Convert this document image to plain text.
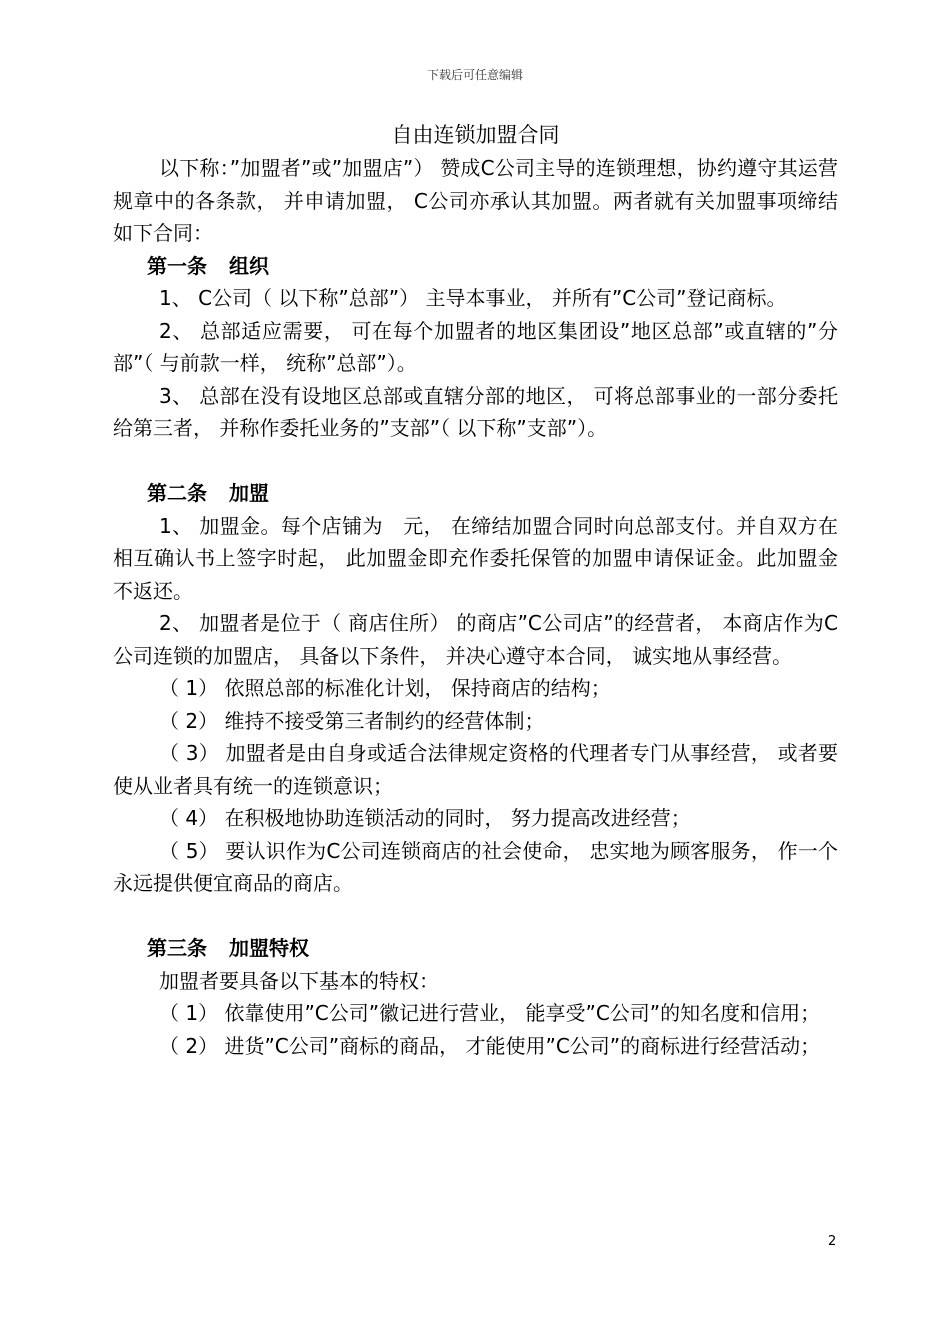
下载后可任意编辑
自由连锁加盟合同

以下称：”加盟者”或”加盟店”） 赞成C公司主导的连锁理想，协约遵守其运营规章中的各条款， 并申请加盟， C公司亦承认其加盟。两者就有关加盟事项缔结如下合同：

第一条 组织

1、 C公司（ 以下称”总部”） 主导本事业， 并所有”C公司”登记商标。

2、 总部适应需要， 可在每个加盟者的地区集团设”地区总部”或直辖的”分部”（ 与前款一样， 统称”总部”）。

3、 总部在没有设地区总部或直辖分部的地区， 可将总部事业的一部分委托给第三者， 并称作委托业务的”支部”（ 以下称”支部”）。

第二条 加盟

1、 加盟金。每个店铺为　元， 在缔结加盟合同时向总部支付。并自双方在相互确认书上签字时起， 此加盟金即充作委托保管的加盟申请保证金。此加盟金不返还。

2、 加盟者是位于（ 商店住所） 的商店”C公司店”的经营者， 本商店作为C公司连锁的加盟店， 具备以下条件， 并决心遵守本合同， 诚实地从事经营。

（ 1） 依照总部的标准化计划， 保持商店的结构；

（ 2） 维持不接受第三者制约的经营体制；

（ 3） 加盟者是由自身或适合法律规定资格的代理者专门从事经营， 或者要使从业者具有统一的连锁意识；

（ 4） 在积极地协助连锁活动的同时， 努力提高改进经营；

（ 5） 要认识作为C公司连锁商店的社会使命， 忠实地为顾客服务， 作一个永远提供便宜商品的商店。

第三条 加盟特权

加盟者要具备以下基本的特权：

（ 1） 依靠使用”C公司”徽记进行营业， 能享受”C公司”的知名度和信用；

（ 2） 进货”C公司”商标的商品， 才能使用”C公司”的商标进行经营活动；

2
